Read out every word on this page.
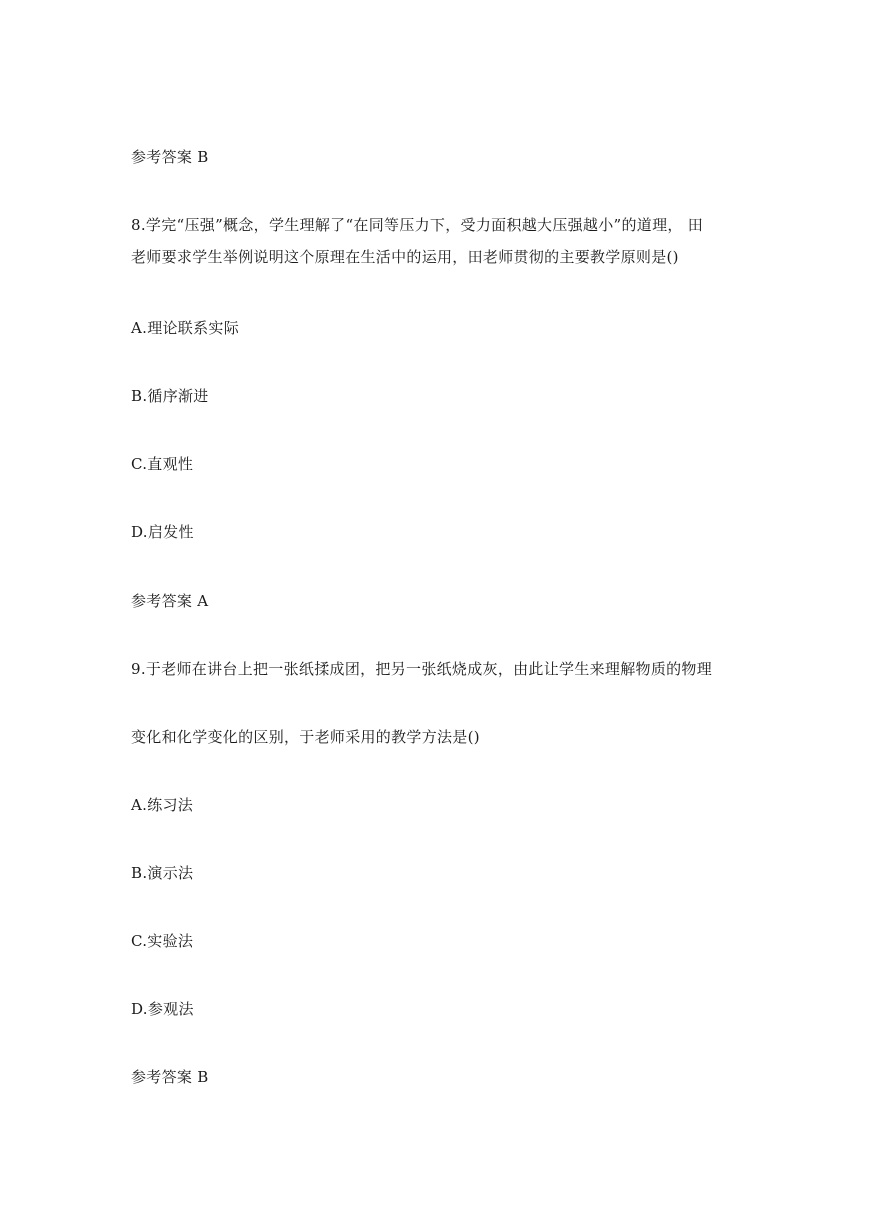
参考答案 B
8.学完“压强”概念，学生理解了“在同等压力下，受力面积越大压强越小”的道理， 田
老师要求学生举例说明这个原理在生活中的运用，田老师贯彻的主要教学原则是()
A.理论联系实际
B.循序渐进
C.直观性
D.启发性
参考答案 A
9.于老师在讲台上把一张纸揉成团，把另一张纸烧成灰，由此让学生来理解物质的物理
变化和化学变化的区别，于老师采用的教学方法是()
A.练习法
B.演示法
C.实验法
D.参观法
参考答案 B
